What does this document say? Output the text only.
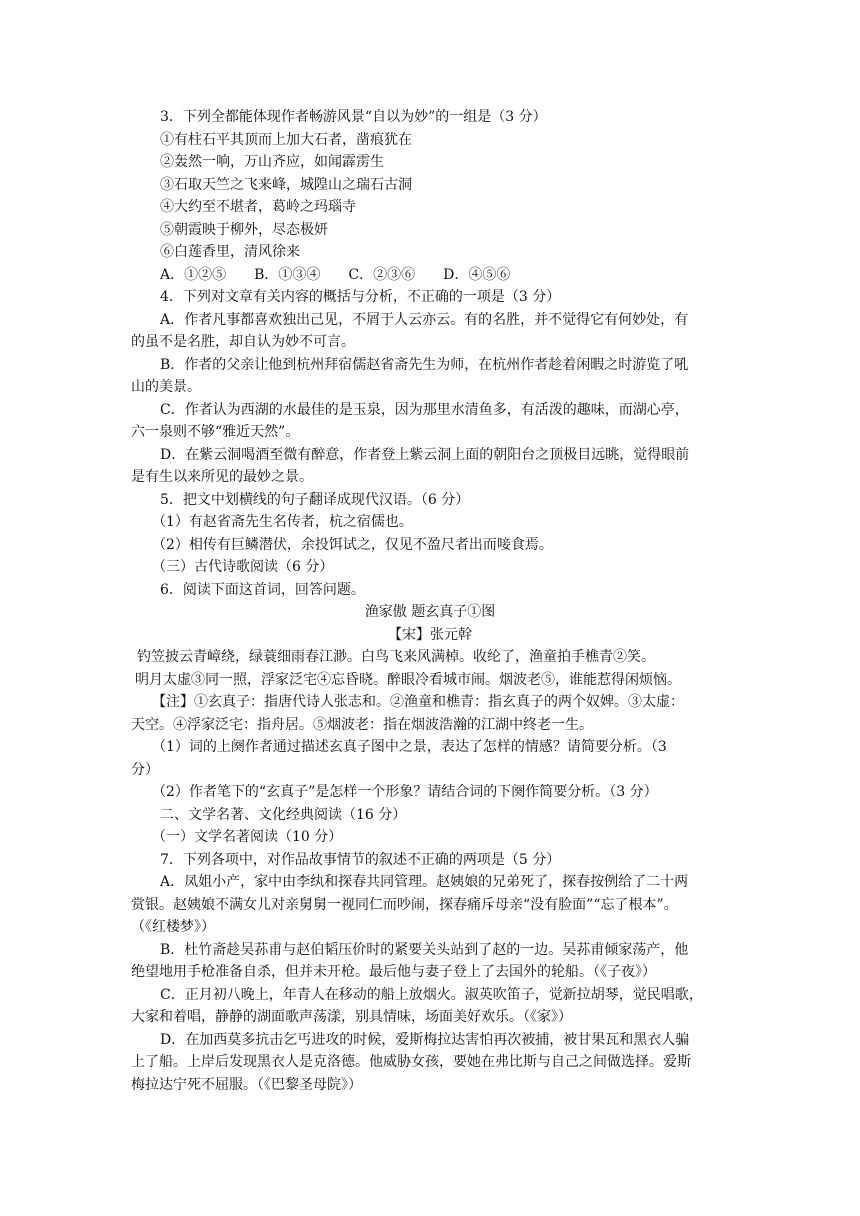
3．下列全都能体现作者畅游风景“自以为妙”的一组是（3 分）
①有柱石平其顶而上加大石者，凿痕犹在
②轰然一响，万山齐应，如闻霹雳生
③石取天竺之飞来峰，城隍山之瑞石古洞
④大约至不堪者，葛岭之玛瑙寺
⑤朝霞映于柳外，尽态极妍
⑥白莲香里，清风徐来
A．①②⑤　　B．①③④　　C．②③⑥　　D．④⑤⑥
4．下列对文章有关内容的概括与分析，不正确的一项是（3 分）
A．作者凡事都喜欢独出己见，不屑于人云亦云。有的名胜，并不觉得它有何妙处，有
的虽不是名胜，却自认为妙不可言。
B．作者的父亲让他到杭州拜宿儒赵省斋先生为师，在杭州作者趁着闲暇之时游览了吼
山的美景。
C．作者认为西湖的水最佳的是玉泉，因为那里水清鱼多，有活泼的趣味，而湖心亭，
六一泉则不够“雅近天然”。
D．在紫云洞喝酒至微有醉意，作者登上紫云洞上面的朝阳台之顶极目远眺，觉得眼前
是有生以来所见的最妙之景。
5．把文中划横线的句子翻译成现代汉语。（6 分）
（1）有赵省斋先生名传者，杭之宿儒也。
（2）相传有巨鳞潜伏，余投饵试之，仅见不盈尺者出而唼食焉。
（三）古代诗歌阅读（6 分）
6．阅读下面这首词，回答问题。
渔家傲 题玄真子①图
【宋】张元幹
钓笠披云青嶂绕，绿蓑细雨春江渺。白鸟飞来风满棹。收纶了，渔童拍手樵青②笑。
明月太虚③同一照，浮家泛宅④忘昏晓。醉眼冷看城市闹。烟波老⑤，谁能惹得闲烦恼。
【注】①玄真子：指唐代诗人张志和。②渔童和樵青：指玄真子的两个奴婢。③太虚：
天空。④浮家泛宅：指舟居。⑤烟波老：指在烟波浩瀚的江湖中终老一生。
（1）词的上阕作者通过描述玄真子图中之景，表达了怎样的情感？请简要分析。（3
分）
（2）作者笔下的“玄真子”是怎样一个形象？请结合词的下阕作简要分析。（3 分）
二、文学名著、文化经典阅读（16 分）
（一）文学名著阅读（10 分）
7．下列各项中，对作品故事情节的叙述不正确的两项是（5 分）
A．凤姐小产，家中由李纨和探春共同管理。赵姨娘的兄弟死了，探春按例给了二十两
赏银。赵姨娘不满女儿对亲舅舅一视同仁而吵闹，探春痛斥母亲“没有脸面”“忘了根本”。
（《红楼梦》）
B．杜竹斋趁吴荪甫与赵伯韬压价时的紧要关头站到了赵的一边。吴荪甫倾家荡产，他
绝望地用手枪准备自杀，但并未开枪。最后他与妻子登上了去国外的轮船。（《子夜》）
C．正月初八晚上，年青人在移动的船上放烟火。淑英吹笛子，觉新拉胡琴，觉民唱歌，
大家和着唱，静静的湖面歌声荡漾，别具情味，场面美好欢乐。（《家》）
D．在加西莫多抗击乞丐进攻的时候，爱斯梅拉达害怕再次被捕，被甘果瓦和黑衣人骗
上了船。上岸后发现黑衣人是克洛德。他威胁女孩，要她在弗比斯与自己之间做选择。爱斯
梅拉达宁死不屈服。（《巴黎圣母院》）
